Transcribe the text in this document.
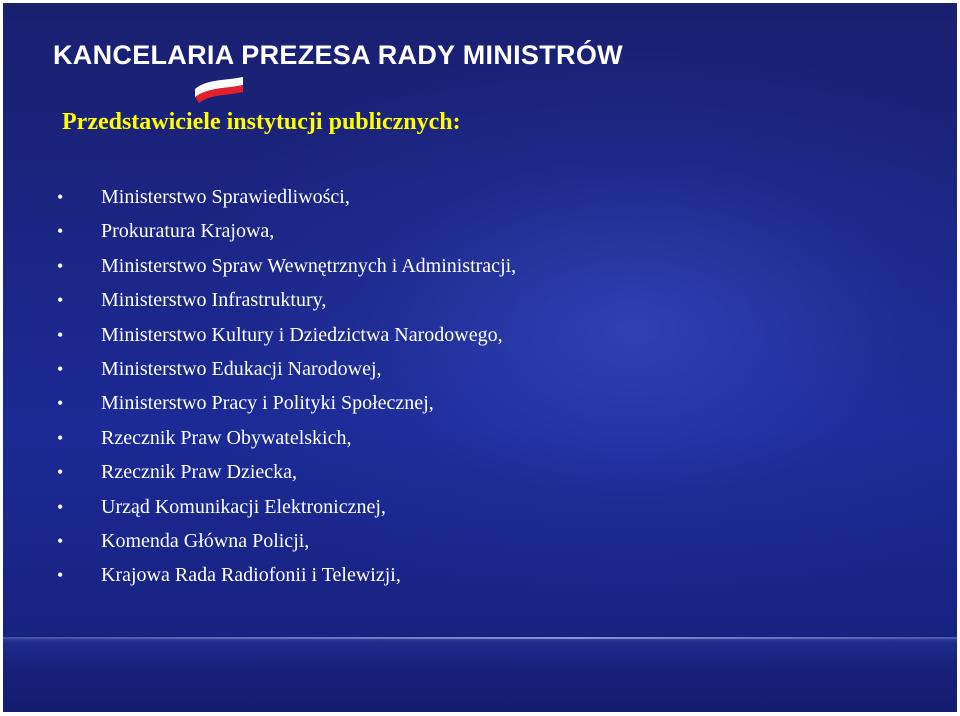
KANCELARIA PREZESA RADY MINISTRÓW
Przedstawiciele instytucji publicznych:
•	Ministerstwo Sprawiedliwości,
•	Prokuratura Krajowa,
•	Ministerstwo Spraw Wewnętrznych i Administracji,
•	Ministerstwo Infrastruktury,
•	Ministerstwo Kultury i Dziedzictwa Narodowego,
•	Ministerstwo Edukacji Narodowej,
•	Ministerstwo Pracy i Polityki Społecznej,
•	Rzecznik Praw Obywatelskich,
•	Rzecznik Praw Dziecka,
•	Urząd Komunikacji Elektronicznej,
•	Komenda Główna Policji,
•	Krajowa Rada Radiofonii i Telewizji,
